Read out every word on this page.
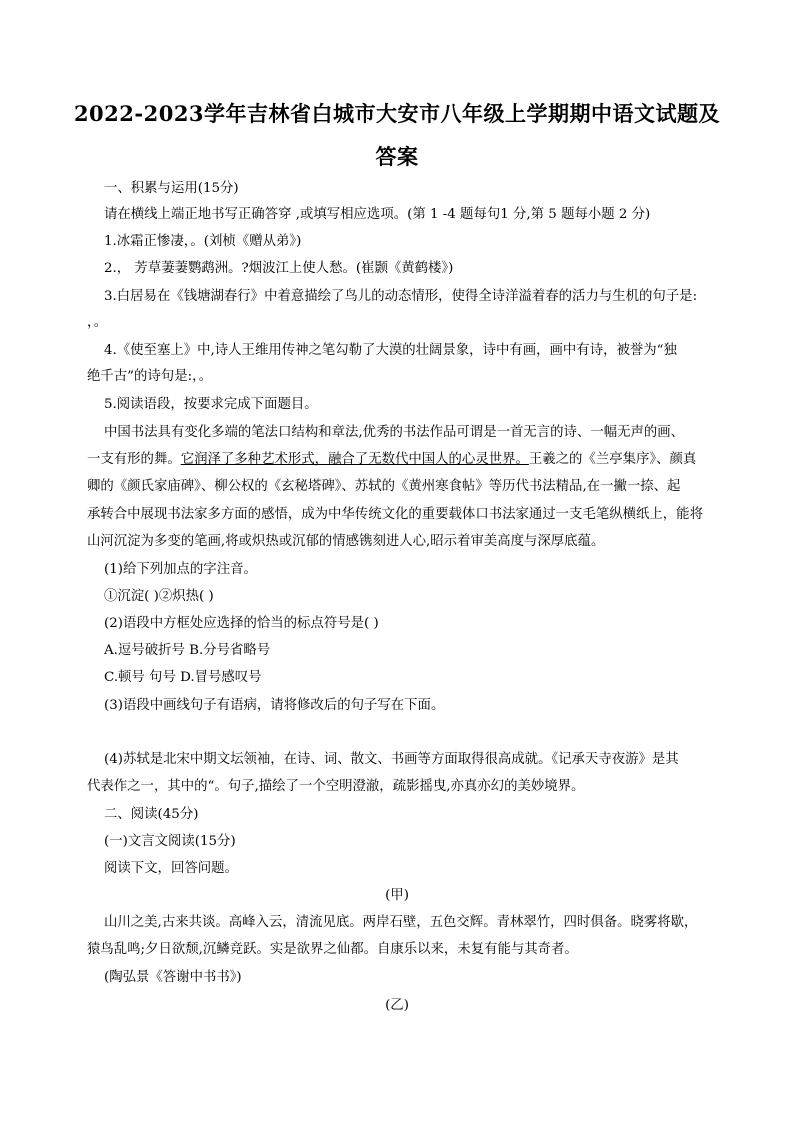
2022-2023学年吉林省白城市大安市八年级上学期期中语文试题及
答案
一、积累与运用(15分)
请在横线上端正地书写正确答穿 ,或填写相应选项。(第 1 -4 题每句1 分,第 5 题每小题 2 分)
1.冰霜正惨凄，。(刘桢《赠从弟》)
2.， 芳草萋萋鹦鹉洲。?烟波江上使人愁。(崔颢《黄鹤楼》)
3.白居易在《钱塘湖春行》中着意描绘了鸟儿的动态情形，使得全诗洋溢着春的活力与生机的句子是:
，。
4.《使至塞上》中,诗人王维用传神之笔勾勒了大漠的壮阔景象，诗中有画，画中有诗，被誉为“独
绝千古”的诗句是:，。
5.阅读语段，按要求完成下面题目。
中国书法具有变化多端的笔法口结构和章法,优秀的书法作品可谓是一首无言的诗、一幅无声的画、
一支有形的舞。它润泽了多种艺术形式，融合了无数代中国人的心灵世界。王羲之的《兰亭集序》、颜真
卿的《颜氏家庙碑》、柳公权的《玄秘塔碑》、苏轼的《黄州寒食帖》等历代书法精品,在一撇一捺、起
承转合中展现书法家多方面的感悟，成为中华传统文化的重要载体口书法家通过一支毛笔纵横纸上，能将
山河沉淀为多变的笔画,将或炽热或沉郁的情感镌刻进人心,昭示着审美高度与深厚底蕴。
(1)给下列加点的字注音。
①沉淀( )②炽热( )
(2)语段中方框处应选择的恰当的标点符号是( )
A.逗号破折号 B.分号省略号
C.顿号 句号 D.冒号感叹号
(3)语段中画线句子有语病，请将修改后的句子写在下面。
(4)苏轼是北宋中期文坛领袖，在诗、词、散文、书画等方面取得很高成就。《记承天寺夜游》是其
代表作之一，其中的“。句子,描绘了一个空明澄澈，疏影摇曳,亦真亦幻的美妙境界。
二、阅读(45分)
(一)文言文阅读(15分)
阅读下文，回答问题。
(甲)
山川之美,古来共谈。高峰入云，清流见底。两岸石壁，五色交辉。青林翠竹，四时俱备。晓雾将歇，
猿鸟乱鸣;夕日欲颓,沉鳞竞跃。实是欲界之仙都。自康乐以来，未复有能与其奇者。
(陶弘景《答谢中书书》)
(乙)
